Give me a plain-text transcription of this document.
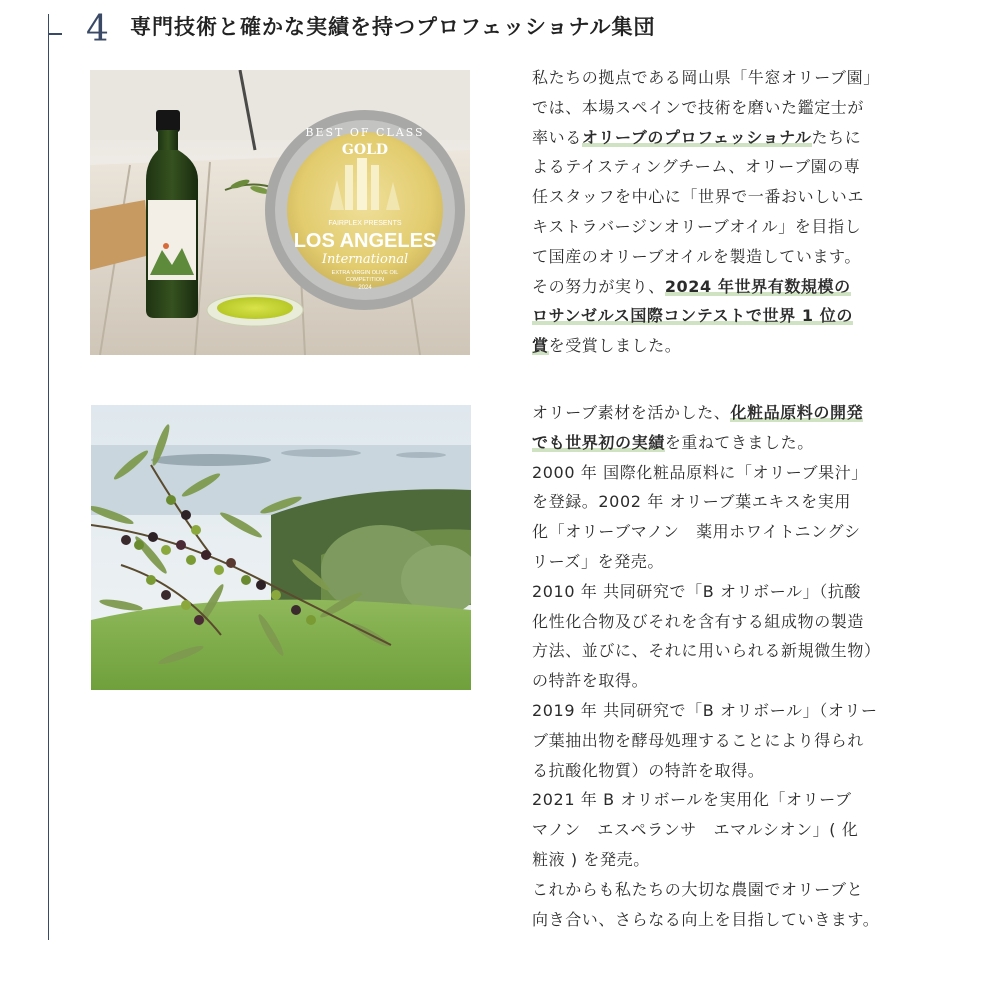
4 専門技術と確かな実績を持つプロフェッショナル集団
BEST OF CLASS
GOLD
FAIRPLEX PRESENTS
LOS ANGELES
International
EXTRA VIRGIN OLIVE OIL
COMPETITION
2024
私たちの拠点である岡山県「牛窓オリーブ園」
では、本場スペインで技術を磨いた鑑定士が
率いるオリーブのプロフェッショナルたちに
よるテイスティングチーム、オリーブ園の専
任スタッフを中心に「世界で一番おいしいエ
キストラバージンオリーブオイル」を目指し
て国産のオリーブオイルを製造しています。
その努力が実り、2024 年世界有数規模の
ロサンゼルス国際コンテストで世界 1 位の
賞を受賞しました。
オリーブ素材を活かした、化粧品原料の開発
でも世界初の実績を重ねてきました。
2000 年 国際化粧品原料に「オリーブ果汁」
を登録。2002 年 オリーブ葉エキスを実用
化「オリーブマノン　薬用ホワイトニングシ
リーズ」を発売。
2010 年 共同研究で「B オリボール」（抗酸
化性化合物及びそれを含有する組成物の製造
方法、並びに、それに用いられる新規微生物）
の特許を取得。
2019 年 共同研究で「B オリボール」（オリー
ブ葉抽出物を酵母処理することにより得られ
る抗酸化物質）の特許を取得。
2021 年 B オリボールを実用化「オリーブ
マノン　エスペランサ　エマルシオン」( 化
粧液 ) を発売。
これからも私たちの大切な農園でオリーブと
向き合い、さらなる向上を目指していきます。
